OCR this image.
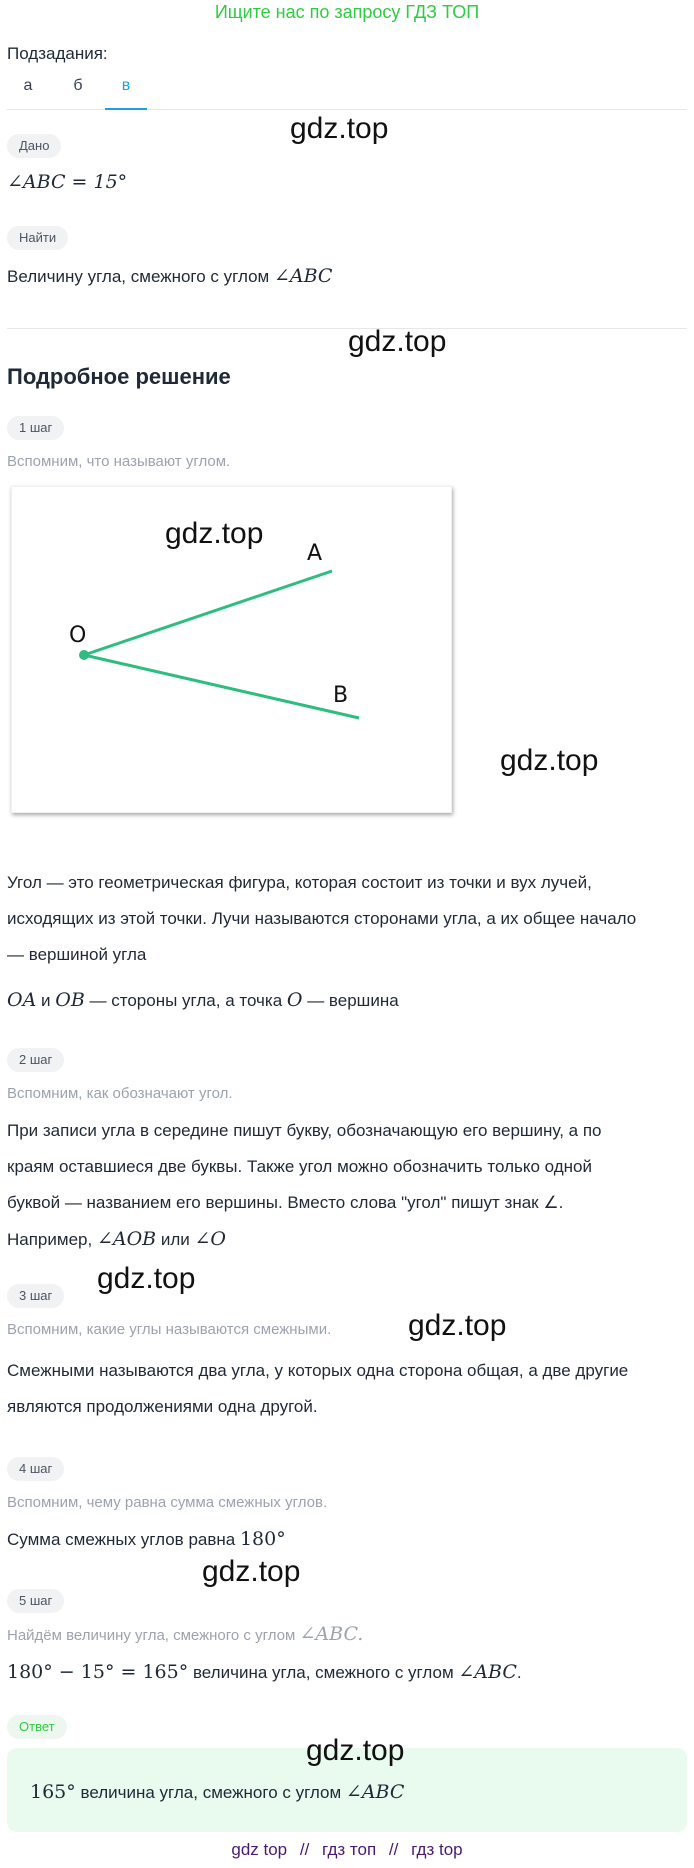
Ищите нас по запросу ГДЗ ТОП
Подзадания:
а	б	в
gdz.top
Дано
∠ABC = 15°
Найти
Величину угла, смежного с углом ∠ABC
gdz.top
Подробное решение
1 шаг
Вспомним, что называют углом.
A
O
B
gdz.top
gdz.top
Угол — это геометрическая фигура, которая состоит из точки и вух лучей,
исходящих из этой точки. Лучи называются сторонами угла, а их общее начало
— вершиной угла
OA и OB — стороны угла, а точка O — вершина
2 шаг
Вспомним, как обозначают угол.
При записи угла в середине пишут букву, обозначающую его вершину, а по
краям оставшиеся две буквы. Также угол можно обозначить только одной
буквой — названием его вершины. Вместо слова "угол" пишут знак ∠.
Например, ∠AOB или ∠O
gdz.top
3 шаг
gdz.top
Вспомним, какие углы называются смежными.
Смежными называются два угла, у которых одна сторона общая, а две другие
являются продолжениями одна другой.
4 шаг
Вспомним, чему равна сумма смежных углов.
Сумма смежных углов равна 180°
gdz.top
5 шаг
Найдём величину угла, смежного с углом ∠ABC.
180° − 15° = 165° величина угла, смежного с углом ∠ABC.
Ответ
gdz.top
165° величина угла, смежного с углом ∠ABC
gdz top // гдз топ // гдз top
